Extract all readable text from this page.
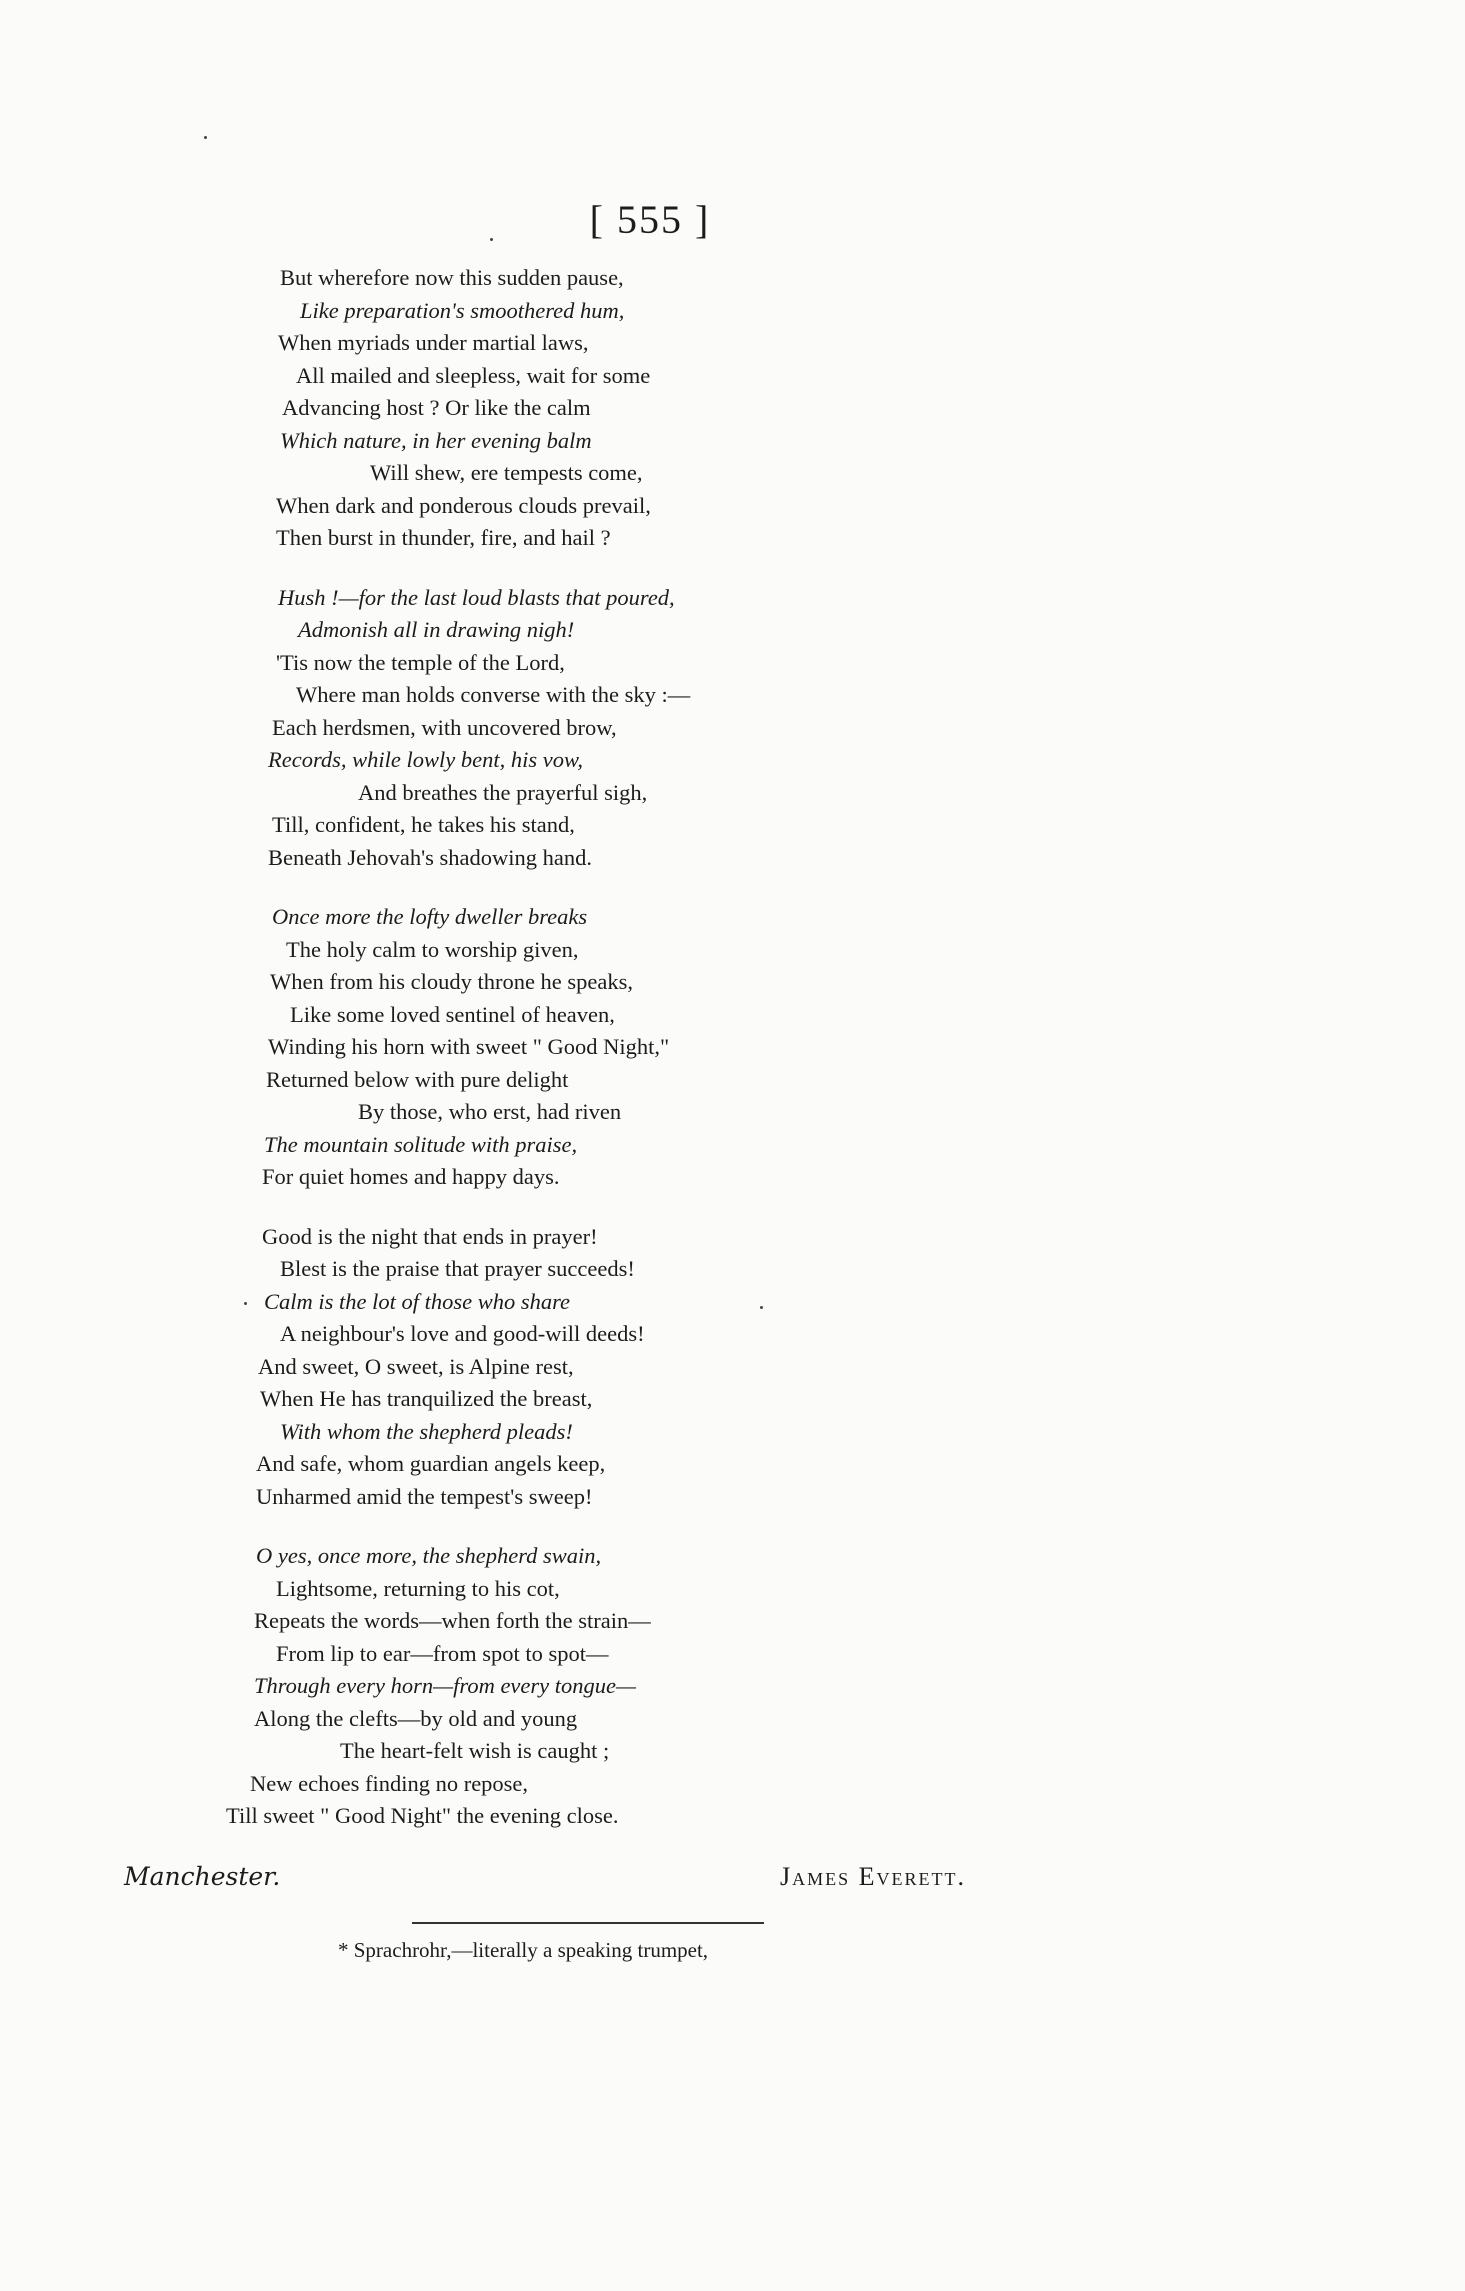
[ 555 ]
But wherefore now this sudden pause,
Like preparation's smoothered hum,
When myriads under martial laws,
All mailed and sleepless, wait for some
Advancing host ? Or like the calm
Which nature, in her evening balm
Will shew, ere tempests come,
When dark and ponderous clouds prevail,
Then burst in thunder, fire, and hail ?
Hush !—for the last loud blasts that poured,
Admonish all in drawing nigh!
'Tis now the temple of the Lord,
Where man holds converse with the sky :—
Each herdsmen, with uncovered brow,
Records, while lowly bent, his vow,
And breathes the prayerful sigh,
Till, confident, he takes his stand,
Beneath Jehovah's shadowing hand.
Once more the lofty dweller breaks
The holy calm to worship given,
When from his cloudy throne he speaks,
Like some loved sentinel of heaven,
Winding his horn with sweet " Good Night,"
Returned below with pure delight
By those, who erst, had riven
The mountain solitude with praise,
For quiet homes and happy days.
Good is the night that ends in prayer!
Blest is the praise that prayer succeeds!
Calm is the lot of those who share
A neighbour's love and good-will deeds!
And sweet, O sweet, is Alpine rest,
When He has tranquilized the breast,
With whom the shepherd pleads!
And safe, whom guardian angels keep,
Unharmed amid the tempest's sweep!
O yes, once more, the shepherd swain,
Lightsome, returning to his cot,
Repeats the words—when forth the strain—
From lip to ear—from spot to spot—
Through every horn—from every tongue—
Along the clefts—by old and young
The heart-felt wish is caught ;
New echoes finding no repose,
Till sweet " Good Night" the evening close.
Manchester.	James Everett.
* Sprachrohr,—literally a speaking trumpet,
